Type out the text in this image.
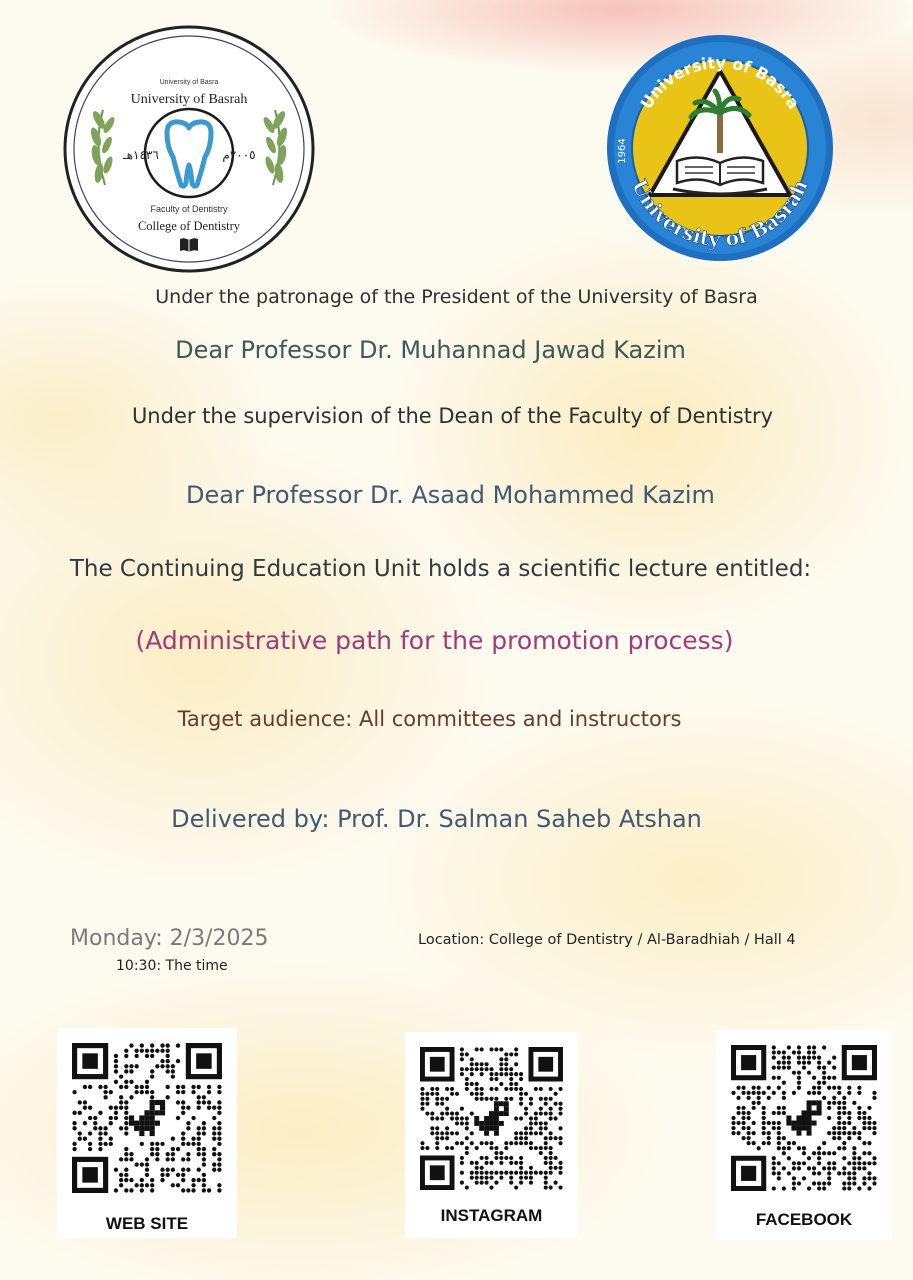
University of Basra
University of Basrah
١٤٣٦هـ	٢٠٠٥م
Faculty of Dentistry
College of Dentistry
University of Basra
University of Basrah
1964
Under the patronage of the President of the University of Basra
Dear Professor Dr. Muhannad Jawad Kazim
Under the supervision of the Dean of the Faculty of Dentistry
Dear Professor Dr. Asaad Mohammed Kazim
The Continuing Education Unit holds a scientific lecture entitled:
(Administrative path for the promotion process)
Target audience: All committees and instructors
Delivered by: Prof. Dr. Salman Saheb Atshan
Monday: 2/3/2025
10:30: The time
Location: College of Dentistry / Al-Baradhiah / Hall 4
WEB SITE	INSTAGRAM	FACEBOOK
